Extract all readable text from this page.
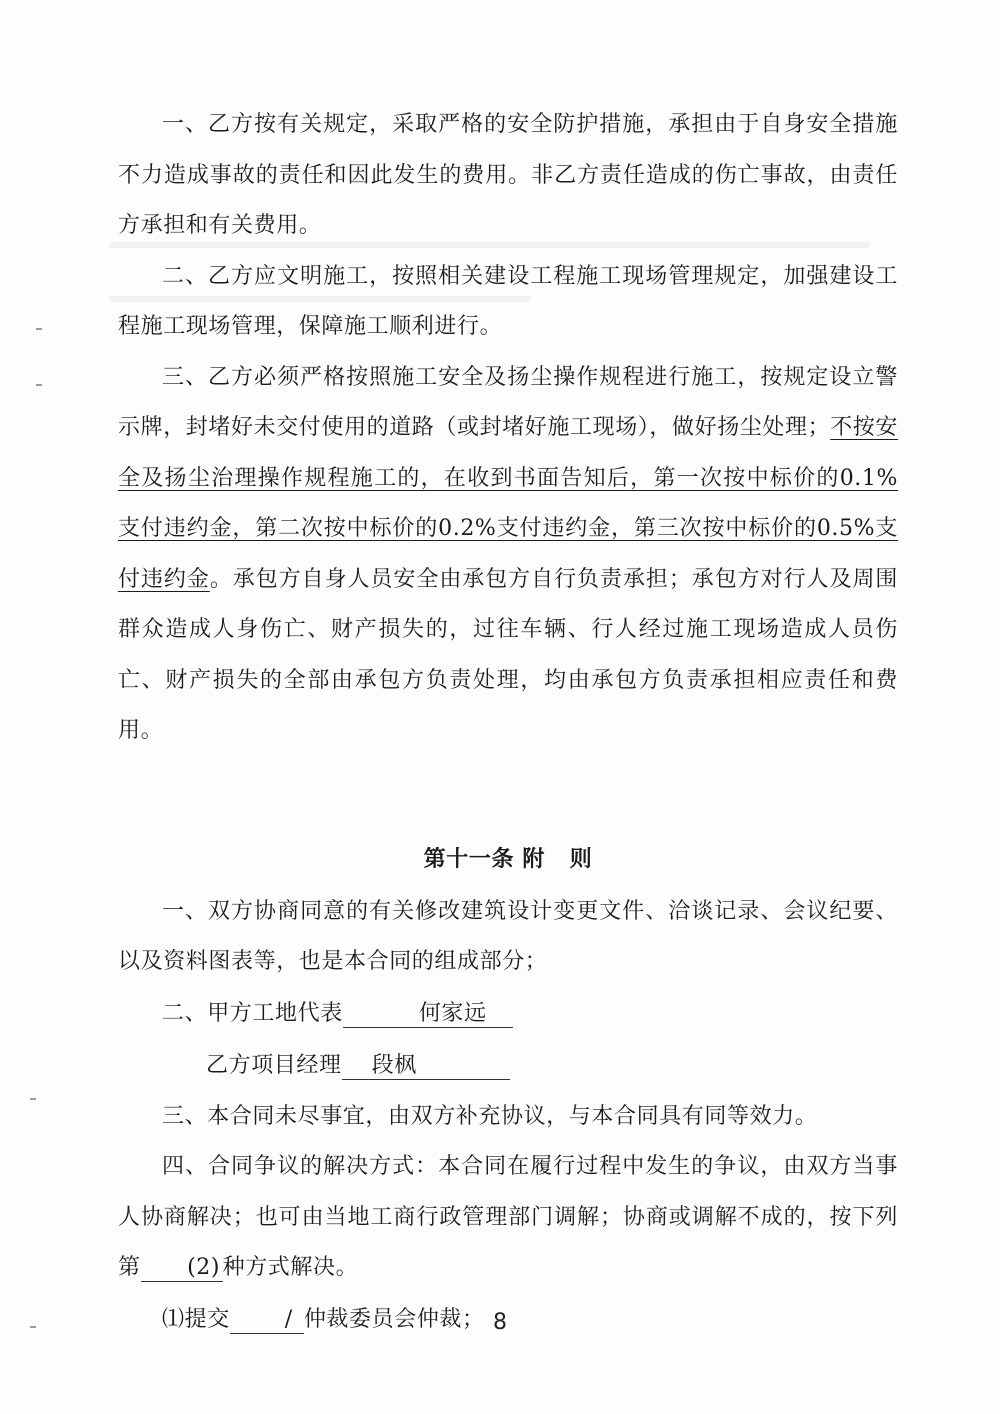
一、乙方按有关规定，采取严格的安全防护措施，承担由于自身安全措施不力造成事故的责任和因此发生的费用。非乙方责任造成的伤亡事故，由责任方承担和有关费用。

二、乙方应文明施工，按照相关建设工程施工现场管理规定，加强建设工程施工现场管理，保障施工顺利进行。

三、乙方必须严格按照施工安全及扬尘操作规程进行施工，按规定设立警示牌，封堵好未交付使用的道路（或封堵好施工现场），做好扬尘处理；不按安全及扬尘治理操作规程施工的，在收到书面告知后，第一次按中标价的0.1%支付违约金，第二次按中标价的0.2%支付违约金，第三次按中标价的0.5%支付违约金。承包方自身人员安全由承包方自行负责承担；承包方对行人及周围群众造成人身伤亡、财产损失的，过往车辆、行人经过施工现场造成人员伤亡、财产损失的全部由承包方负责处理，均由承包方负责承担相应责任和费用。

第十一条 附 则

一、双方协商同意的有关修改建筑设计变更文件、洽谈记录、会议纪要、以及资料图表等，也是本合同的组成部分；

二、甲方工地代表	何家远

乙方项目经理 段枫

三、本合同未尽事宜，由双方补充协议，与本合同具有同等效力。

四、合同争议的解决方式：本合同在履行过程中发生的争议，由双方当事人协商解决；也可由当地工商行政管理部门调解；协商或调解不成的，按下列第 (2) 种方式解决。

⑴提交 / 仲裁委员会仲裁； 8
